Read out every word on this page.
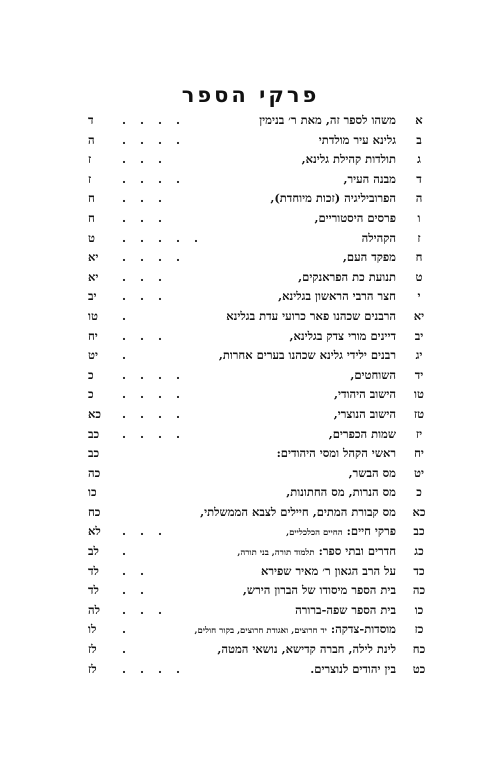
פרקי הספר
א
משהו לספר זה, מאת ר׳ בנימין
....
ד
ב
גלינא עיר מולדתי
....
ה
ג
תולדות קהילת גלינא,
...
ז
ד
מבנה העיר,
....
ז
ה
הפרוביליגיה (זכות מיוחדת),
...
ח
ו
פרסים היסטוריים,
...
ח
ז
הקהילה
.....
ט
ח
מפקד העם,
....
יא
ט
תנועת כת הפראנקים,
...
יא
י
חצר הרבי הראשון בגלינא,
...
יב
יא
הרבנים שכהנו פאר כרועי עדת בגלינא
.
טו
יב
דיינים מורי צדק בגלינא,
...
יח
יג
רבנים ילידי גלינא שכהנו בערים אחרות,
.
יט
יד
השוחטים,
....
כ
טו
הישוב היהודי,
....
כ
טז
הישוב הנוצרי,
....
כא
יז
שמות הכפרים,
....
כב
יח
ראשי הקהל ומסי היהודים:
כב
יט
מס הבשר,
כה
כ
מס הנרות, מס החתונות,
כו
כא
מס קבורת המתים, חיילים לצבא הממשלתי,
כח
כב
פרקי חיים: החיים הכלכליים,
...
לא
כג
חדרים ובתי ספר: תלמוד תורה, בני תורה,
.
לב
כד
על הרב הגאון ר׳ מאיר שפירא
..
לד
כה
בית הספר מיסודו של הברון הירש,
..
לד
כו
בית הספר שפה-ברורה
...
לה
כז
מוסדות-צדקה: יד חרוצים, ואגודת חרוצים, בקור חולים,
.
לו
כח
לינת לילה, חברה קדישא, נושאי המטה,
.
לז
כט
בין יהודים לנוצרים.
....
לז
